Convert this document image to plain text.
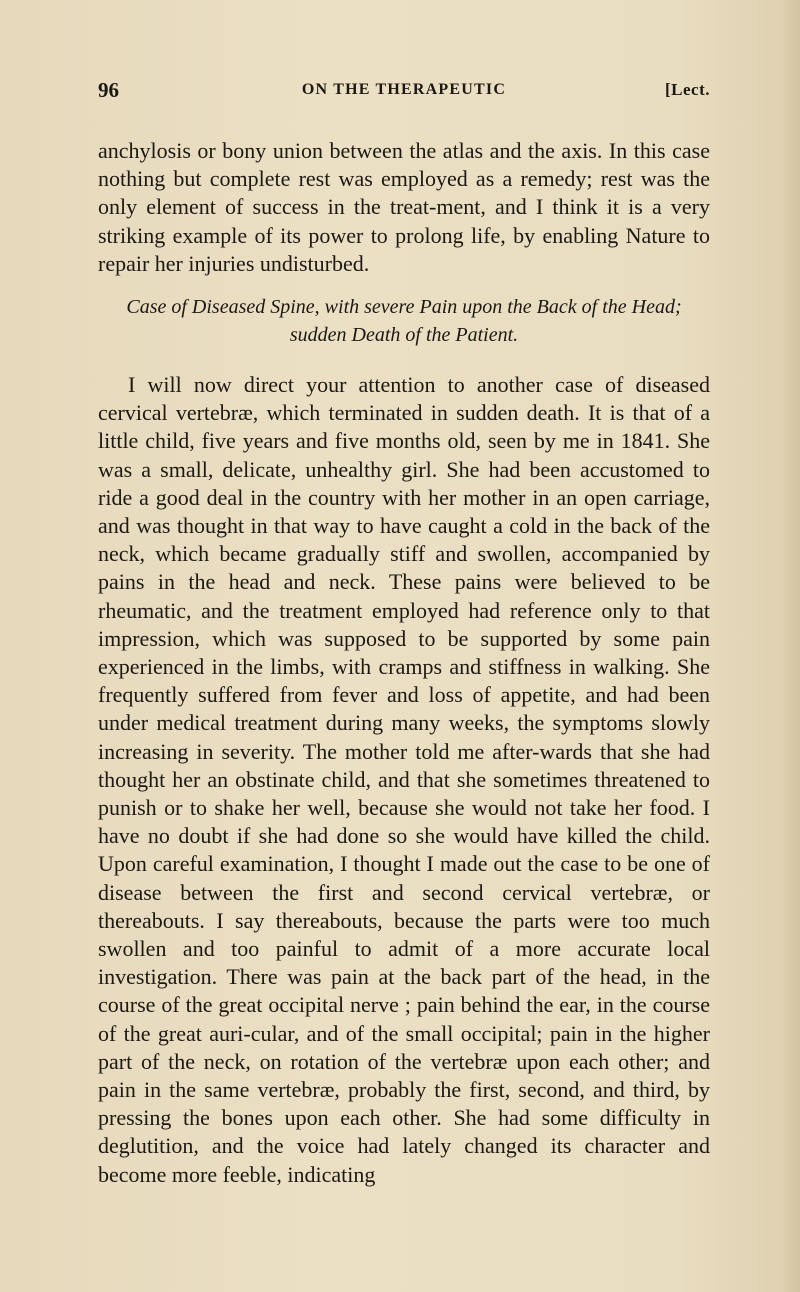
96	ON THE THERAPEUTIC	[Lect.
anchylosis or bony union between the atlas and the axis. In this case nothing but complete rest was employed as a remedy; rest was the only element of success in the treat-ment, and I think it is a very striking example of its power to prolong life, by enabling Nature to repair her injuries undisturbed.
Case of Diseased Spine, with severe Pain upon the Back of the Head; sudden Death of the Patient.
I will now direct your attention to another case of diseased cervical vertebræ, which terminated in sudden death. It is that of a little child, five years and five months old, seen by me in 1841. She was a small, delicate, unhealthy girl. She had been accustomed to ride a good deal in the country with her mother in an open carriage, and was thought in that way to have caught a cold in the back of the neck, which became gradually stiff and swollen, accompanied by pains in the head and neck. These pains were believed to be rheumatic, and the treatment employed had reference only to that impression, which was supposed to be supported by some pain experienced in the limbs, with cramps and stiffness in walking. She frequently suffered from fever and loss of appetite, and had been under medical treatment during many weeks, the symptoms slowly increasing in severity. The mother told me after-wards that she had thought her an obstinate child, and that she sometimes threatened to punish or to shake her well, because she would not take her food. I have no doubt if she had done so she would have killed the child. Upon careful examination, I thought I made out the case to be one of disease between the first and second cervical vertebræ, or thereabouts. I say thereabouts, because the parts were too much swollen and too painful to admit of a more accurate local investigation. There was pain at the back part of the head, in the course of the great occipital nerve ; pain behind the ear, in the course of the great auri-cular, and of the small occipital; pain in the higher part of the neck, on rotation of the vertebræ upon each other; and pain in the same vertebræ, probably the first, second, and third, by pressing the bones upon each other. She had some difficulty in deglutition, and the voice had lately changed its character and become more feeble, indicating
